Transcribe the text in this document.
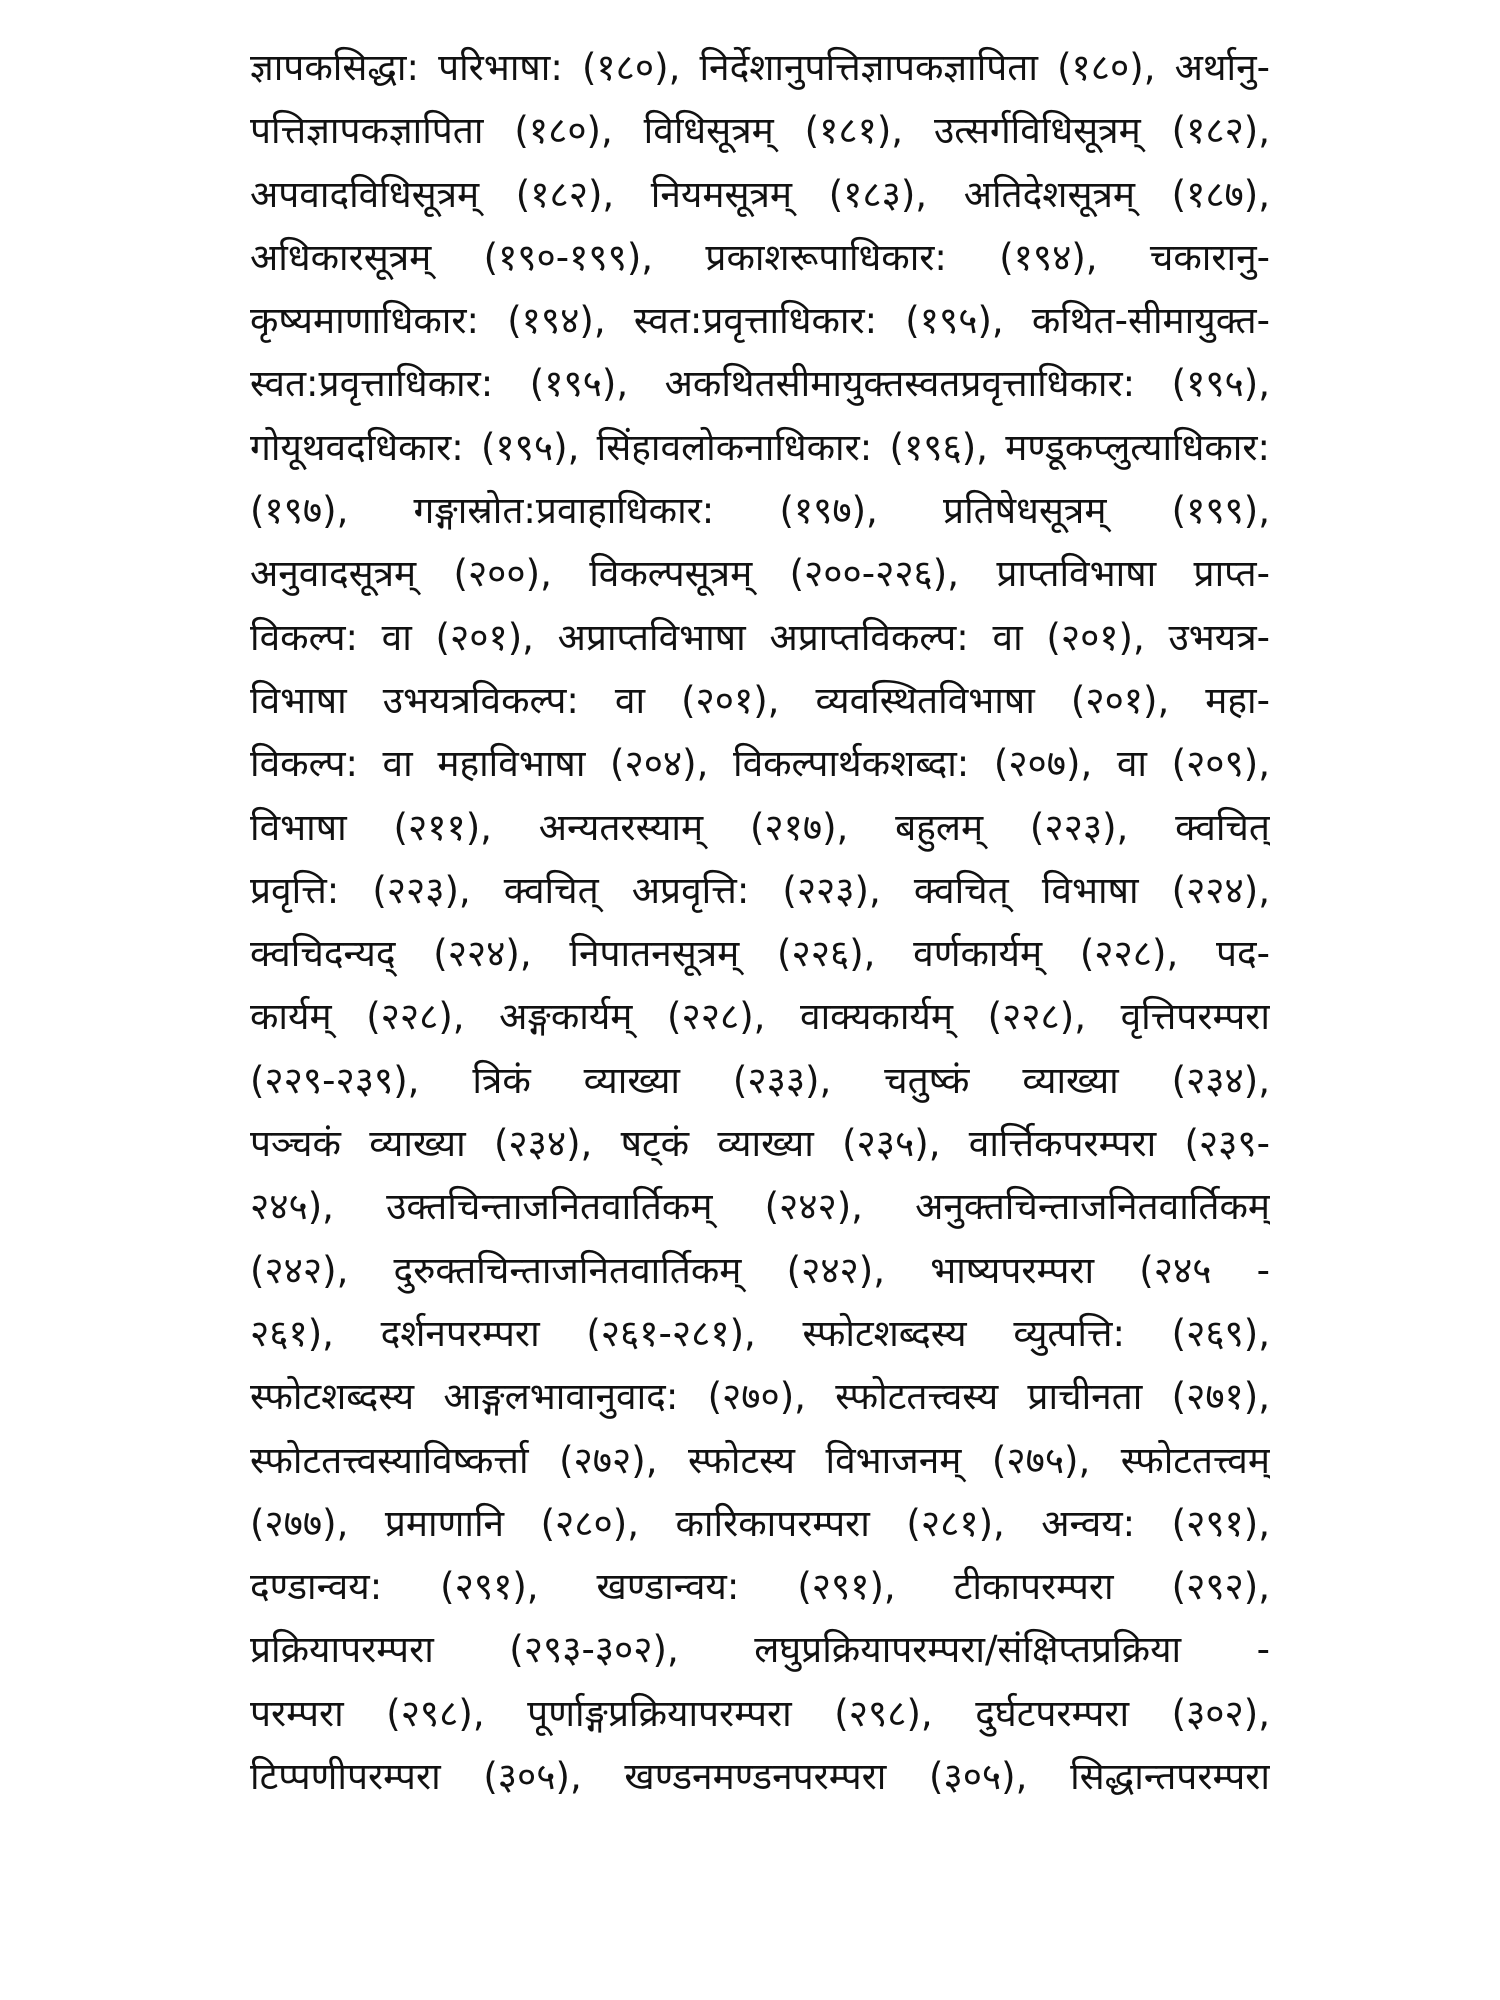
ज्ञापकसिद्धा: परिभाषा: (१८०), निर्देशानुपत्तिज्ञापकज्ञापिता (१८०), अर्थानु-
पत्तिज्ञापकज्ञापिता (१८०), विधिसूत्रम् (१८१), उत्सर्गविधिसूत्रम् (१८२),
अपवादविधिसूत्रम् (१८२), नियमसूत्रम् (१८३), अतिदेशसूत्रम् (१८७),
अधिकारसूत्रम् (१९०-१९९), प्रकाशरूपाधिकार: (१९४), चकारानु-
कृष्यमाणाधिकार: (१९४), स्वत:प्रवृत्ताधिकार: (१९५), कथित-सीमायुक्त-
स्वत:प्रवृत्ताधिकार: (१९५), अकथितसीमायुक्तस्वतप्रवृत्ताधिकार: (१९५),
गोयूथवदधिकार: (१९५), सिंहावलोकनाधिकार: (१९६), मण्डूकप्लुत्याधिकार:
(१९७), गङ्गास्रोत:प्रवाहाधिकार: (१९७), प्रतिषेधसूत्रम् (१९९),
अनुवादसूत्रम् (२००), विकल्पसूत्रम् (२००-२२६), प्राप्तविभाषा प्राप्त-
विकल्प: वा (२०१), अप्राप्तविभाषा अप्राप्तविकल्प: वा (२०१), उभयत्र-
विभाषा उभयत्रविकल्प: वा (२०१), व्यवस्थितविभाषा (२०१), महा-
विकल्प: वा महाविभाषा (२०४), विकल्पार्थकशब्दा: (२०७), वा (२०९),
विभाषा (२११), अन्यतरस्याम् (२१७), बहुलम् (२२३), क्वचित्
प्रवृत्ति: (२२३), क्वचित् अप्रवृत्ति: (२२३), क्वचित् विभाषा (२२४),
क्वचिदन्यद् (२२४), निपातनसूत्रम् (२२६), वर्णकार्यम् (२२८), पद-
कार्यम् (२२८), अङ्गकार्यम् (२२८), वाक्यकार्यम् (२२८), वृत्तिपरम्परा
(२२९-२३९), त्रिकं व्याख्या (२३३), चतुष्कं व्याख्या (२३४),
पञ्चकं व्याख्या (२३४), षट्कं व्याख्या (२३५), वार्त्तिकपरम्परा (२३९-
२४५), उक्तचिन्ताजनितवार्तिकम् (२४२), अनुक्तचिन्ताजनितवार्तिकम्
(२४२), दुरुक्तचिन्ताजनितवार्तिकम् (२४२), भाष्यपरम्परा (२४५ -
२६१), दर्शनपरम्परा (२६१-२८१), स्फोटशब्दस्य व्युत्पत्ति: (२६९),
स्फोटशब्दस्य आङ्गलभावानुवाद: (२७०), स्फोटतत्त्वस्य प्राचीनता (२७१),
स्फोटतत्त्वस्याविष्कर्त्ता (२७२), स्फोटस्य विभाजनम् (२७५), स्फोटतत्त्वम्
(२७७), प्रमाणानि (२८०), कारिकापरम्परा (२८१), अन्वय: (२९१),
दण्डान्वय: (२९१), खण्डान्वय: (२९१), टीकापरम्परा (२९२),
प्रक्रियापरम्परा (२९३-३०२), लघुप्रक्रियापरम्परा/संक्षिप्तप्रक्रिया -
परम्परा (२९८), पूर्णाङ्गप्रक्रियापरम्परा (२९८), दुर्घटपरम्परा (३०२),
टिप्पणीपरम्परा (३०५), खण्डनमण्डनपरम्परा (३०५), सिद्धान्तपरम्परा
